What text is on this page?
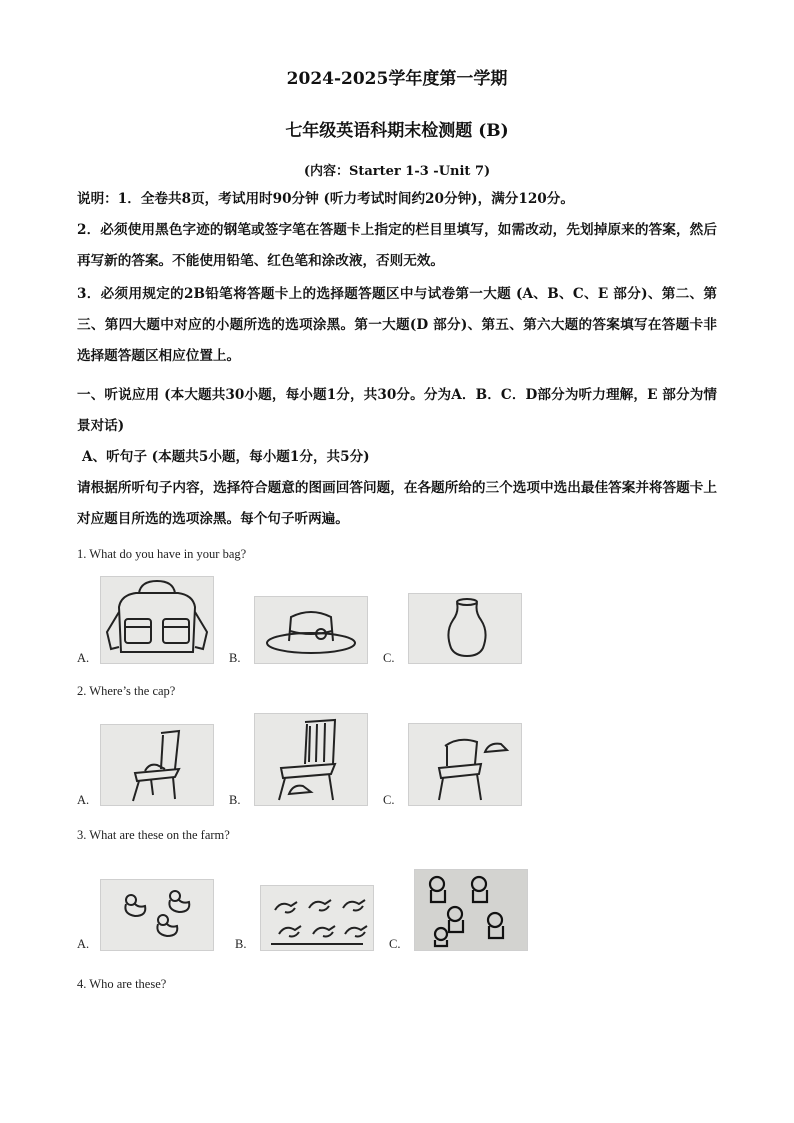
2024-2025学年度第一学期
七年级英语科期末检测题 (B)
(内容：Starter 1-3 -Unit 7)
说明：1．全卷共8页，考试用时90分钟 (听力考试时间约20分钟)，满分120分。
2．必须使用黑色字迹的钢笔或签字笔在答题卡上指定的栏目里填写，如需改动，先划掉原来的答案，然后再写新的答案。不能使用铅笔、红色笔和涂改液，否则无效。
3．必须用规定的2B铅笔将答题卡上的选择题答题区中与试卷第一大题 (A、B、C、E 部分)、第二、第三、第四大题中对应的小题所选的选项涂黑。第一大题(D 部分)、第五、第六大题的答案填写在答题卡非选择题答题区相应位置上。
一、听说应用 (本大题共30小题，每小题1分，共30分。分为A．B．C．D部分为听力理解，E 部分为情景对话)
A、听句子 (本题共5小题，每小题1分，共5分)
请根据所听句子内容，选择符合题意的图画回答问题，在各题所给的三个选项中选出最佳答案并将答题卡上对应题目所选的选项涂黑。每个句子听两遍。
1. What do you have in your bag?
A.	B.	C.
2. Where’s the cap?
A.	B.	C.
3. What are these on the farm?
A.	B.	C.
4. Who are these?
